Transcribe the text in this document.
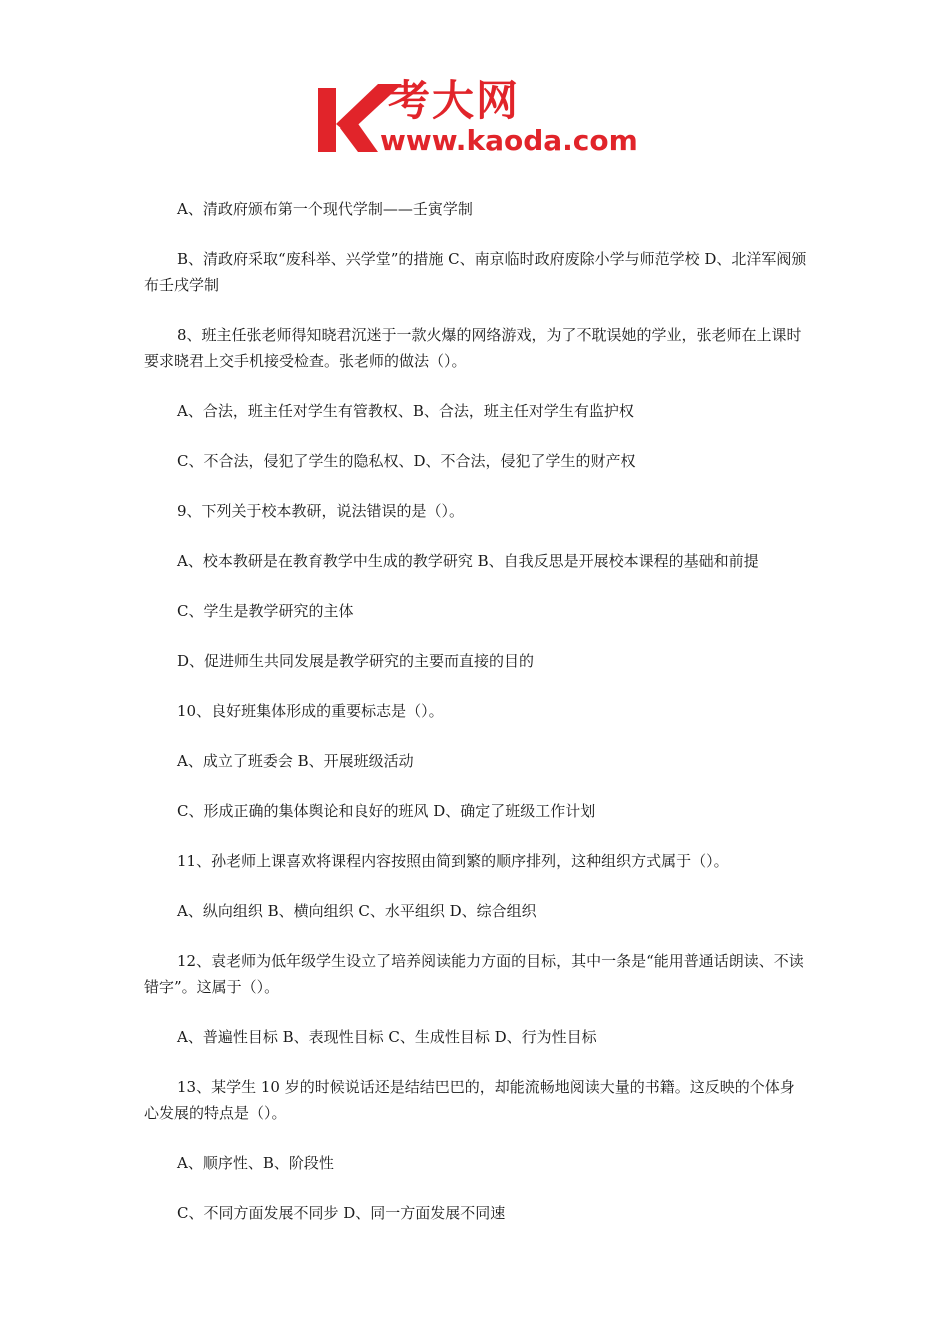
考大网
www.kaoda.com

A、清政府颁布第一个现代学制——壬寅学制

B、清政府采取“废科举、兴学堂”的措施 C、南京临时政府废除小学与师范学校 D、北洋军阀颁布壬戌学制

8、班主任张老师得知晓君沉迷于一款火爆的网络游戏，为了不耽误她的学业，张老师在上课时要求晓君上交手机接受检查。张老师的做法（）。

A、合法，班主任对学生有管教权、B、合法，班主任对学生有监护权

C、不合法，侵犯了学生的隐私权、D、不合法，侵犯了学生的财产权

9、下列关于校本教研，说法错误的是（）。

A、校本教研是在教育教学中生成的教学研究 B、自我反思是开展校本课程的基础和前提

C、学生是教学研究的主体

D、促进师生共同发展是教学研究的主要而直接的目的

10、良好班集体形成的重要标志是（）。

A、成立了班委会 B、开展班级活动

C、形成正确的集体舆论和良好的班风 D、确定了班级工作计划

11、孙老师上课喜欢将课程内容按照由简到繁的顺序排列，这种组织方式属于（）。

A、纵向组织 B、横向组织 C、水平组织 D、综合组织

12、袁老师为低年级学生设立了培养阅读能力方面的目标，其中一条是“能用普通话朗读、不读错字”。这属于（）。

A、普遍性目标 B、表现性目标 C、生成性目标 D、行为性目标

13、某学生 10 岁的时候说话还是结结巴巴的，却能流畅地阅读大量的书籍。这反映的个体身心发展的特点是（）。

A、顺序性、B、阶段性

C、不同方面发展不同步 D、同一方面发展不同速
